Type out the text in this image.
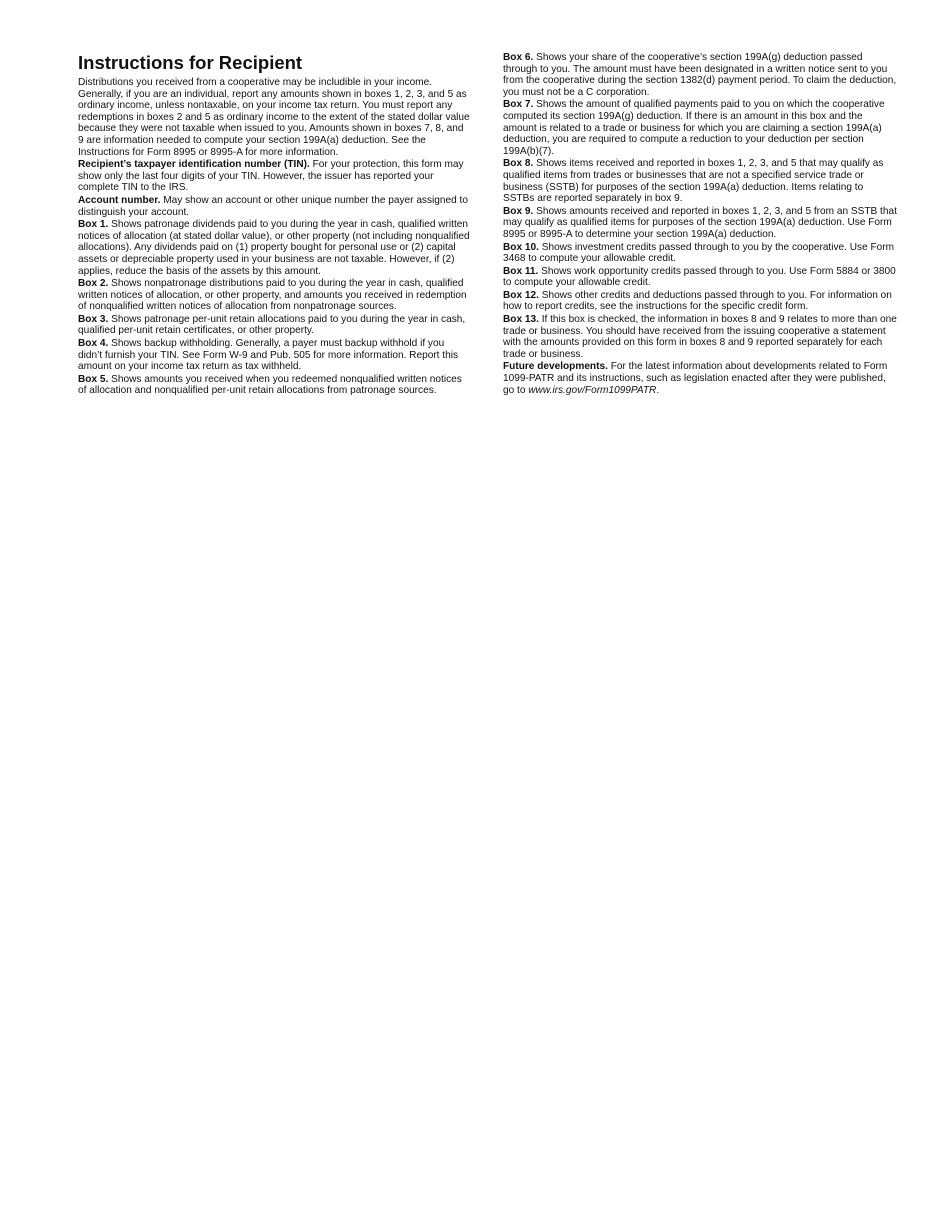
Instructions for Recipient

Distributions you received from a cooperative may be includible in your income. Generally, if you are an individual, report any amounts shown in boxes 1, 2, 3, and 5 as ordinary income, unless nontaxable, on your income tax return. You must report any redemptions in boxes 2 and 5 as ordinary income to the extent of the stated dollar value because they were not taxable when issued to you. Amounts shown in boxes 7, 8, and 9 are information needed to compute your section 199A(a) deduction. See the Instructions for Form 8995 or 8995-A for more information.

Recipient’s taxpayer identification number (TIN). For your protection, this form may show only the last four digits of your TIN. However, the issuer has reported your complete TIN to the IRS.

Account number. May show an account or other unique number the payer assigned to distinguish your account.

Box 1. Shows patronage dividends paid to you during the year in cash, qualified written notices of allocation (at stated dollar value), or other property (not including nonqualified allocations). Any dividends paid on (1) property bought for personal use or (2) capital assets or depreciable property used in your business are not taxable. However, if (2) applies, reduce the basis of the assets by this amount.

Box 2. Shows nonpatronage distributions paid to you during the year in cash, qualified written notices of allocation, or other property, and amounts you received in redemption of nonqualified written notices of allocation from nonpatronage sources.

Box 3. Shows patronage per-unit retain allocations paid to you during the year in cash, qualified per-unit retain certificates, or other property.

Box 4. Shows backup withholding. Generally, a payer must backup withhold if you didn’t furnish your TIN. See Form W-9 and Pub. 505 for more information. Report this amount on your income tax return as tax withheld.

Box 5. Shows amounts you received when you redeemed nonqualified written notices of allocation and nonqualified per-unit retain allocations from patronage sources.

Box 6. Shows your share of the cooperative’s section 199A(g) deduction passed through to you. The amount must have been designated in a written notice sent to you from the cooperative during the section 1382(d) payment period. To claim the deduction, you must not be a C corporation.

Box 7. Shows the amount of qualified payments paid to you on which the cooperative computed its section 199A(g) deduction. If there is an amount in this box and the amount is related to a trade or business for which you are claiming a section 199A(a) deduction, you are required to compute a reduction to your deduction per section 199A(b)(7).

Box 8. Shows items received and reported in boxes 1, 2, 3, and 5 that may qualify as qualified items from trades or businesses that are not a specified service trade or business (SSTB) for purposes of the section 199A(a) deduction. Items relating to SSTBs are reported separately in box 9.

Box 9. Shows amounts received and reported in boxes 1, 2, 3, and 5 from an SSTB that may qualify as qualified items for purposes of the section 199A(a) deduction. Use Form 8995 or 8995-A to determine your section 199A(a) deduction.

Box 10. Shows investment credits passed through to you by the cooperative. Use Form 3468 to compute your allowable credit.

Box 11. Shows work opportunity credits passed through to you. Use Form 5884 or 3800 to compute your allowable credit.

Box 12. Shows other credits and deductions passed through to you. For information on how to report credits, see the instructions for the specific credit form.

Box 13. If this box is checked, the information in boxes 8 and 9 relates to more than one trade or business. You should have received from the issuing cooperative a statement with the amounts provided on this form in boxes 8 and 9 reported separately for each trade or business.

Future developments. For the latest information about developments related to Form 1099-PATR and its instructions, such as legislation enacted after they were published, go to www.irs.gov/Form1099PATR.
